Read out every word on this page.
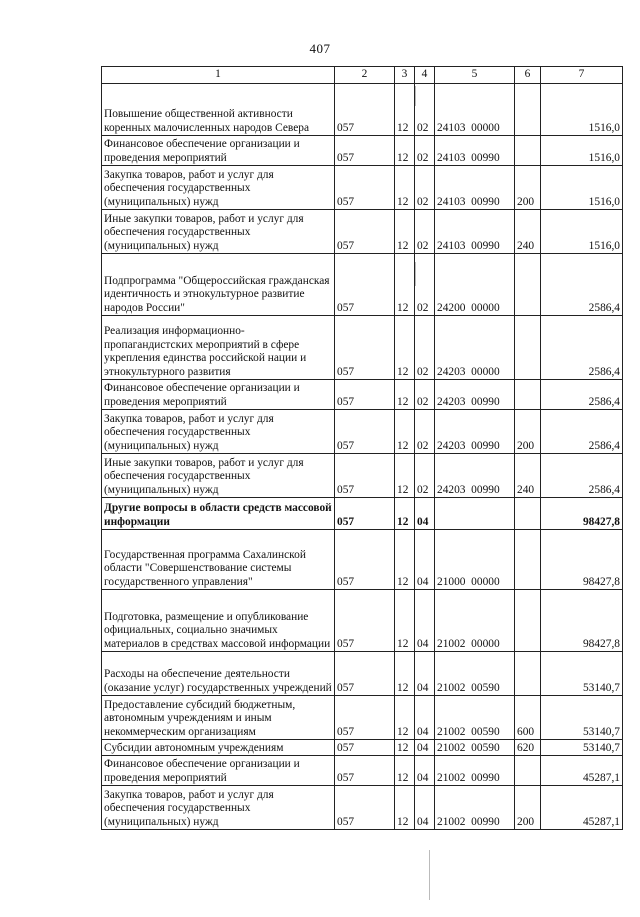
407
1	2	3	4	5	6	7
Повышение общественной активности коренных малочисленных народов Севера	057	12	02	24103  00000		1516,0
Финансовое обеспечение организации и проведения мероприятий	057	12	02	24103  00990		1516,0
Закупка товаров, работ и услуг для обеспечения государственных (муниципальных) нужд	057	12	02	24103  00990	200	1516,0
Иные закупки товаров, работ и услуг для обеспечения государственных (муниципальных) нужд	057	12	02	24103  00990	240	1516,0
Подпрограмма "Общероссийская гражданская идентичность и этнокультурное развитие народов России"	057	12	02	24200  00000		2586,4
Реализация информационно-пропагандистских мероприятий в сфере укрепления единства российской нации и этнокультурного развития	057	12	02	24203  00000		2586,4
Финансовое обеспечение организации и проведения мероприятий	057	12	02	24203  00990		2586,4
Закупка товаров, работ и услуг для обеспечения государственных (муниципальных) нужд	057	12	02	24203  00990	200	2586,4
Иные закупки товаров, работ и услуг для обеспечения государственных (муниципальных) нужд	057	12	02	24203  00990	240	2586,4
Другие вопросы в области средств массовой информации	057	12	04			98427,8
Государственная программа Сахалинской области "Совершенствование системы государственного управления"	057	12	04	21000  00000		98427,8
Подготовка, размещение и опубликование официальных, социально значимых материалов в средствах массовой информации	057	12	04	21002  00000		98427,8
Расходы на обеспечение деятельности (оказание услуг) государственных учреждений	057	12	04	21002  00590		53140,7
Предоставление субсидий бюджетным, автономным учреждениям и иным некоммерческим организациям	057	12	04	21002  00590	600	53140,7
Субсидии автономным учреждениям	057	12	04	21002  00590	620	53140,7
Финансовое обеспечение организации и проведения мероприятий	057	12	04	21002  00990		45287,1
Закупка товаров, работ и услуг для обеспечения государственных (муниципальных) нужд	057	12	04	21002  00990	200	45287,1
